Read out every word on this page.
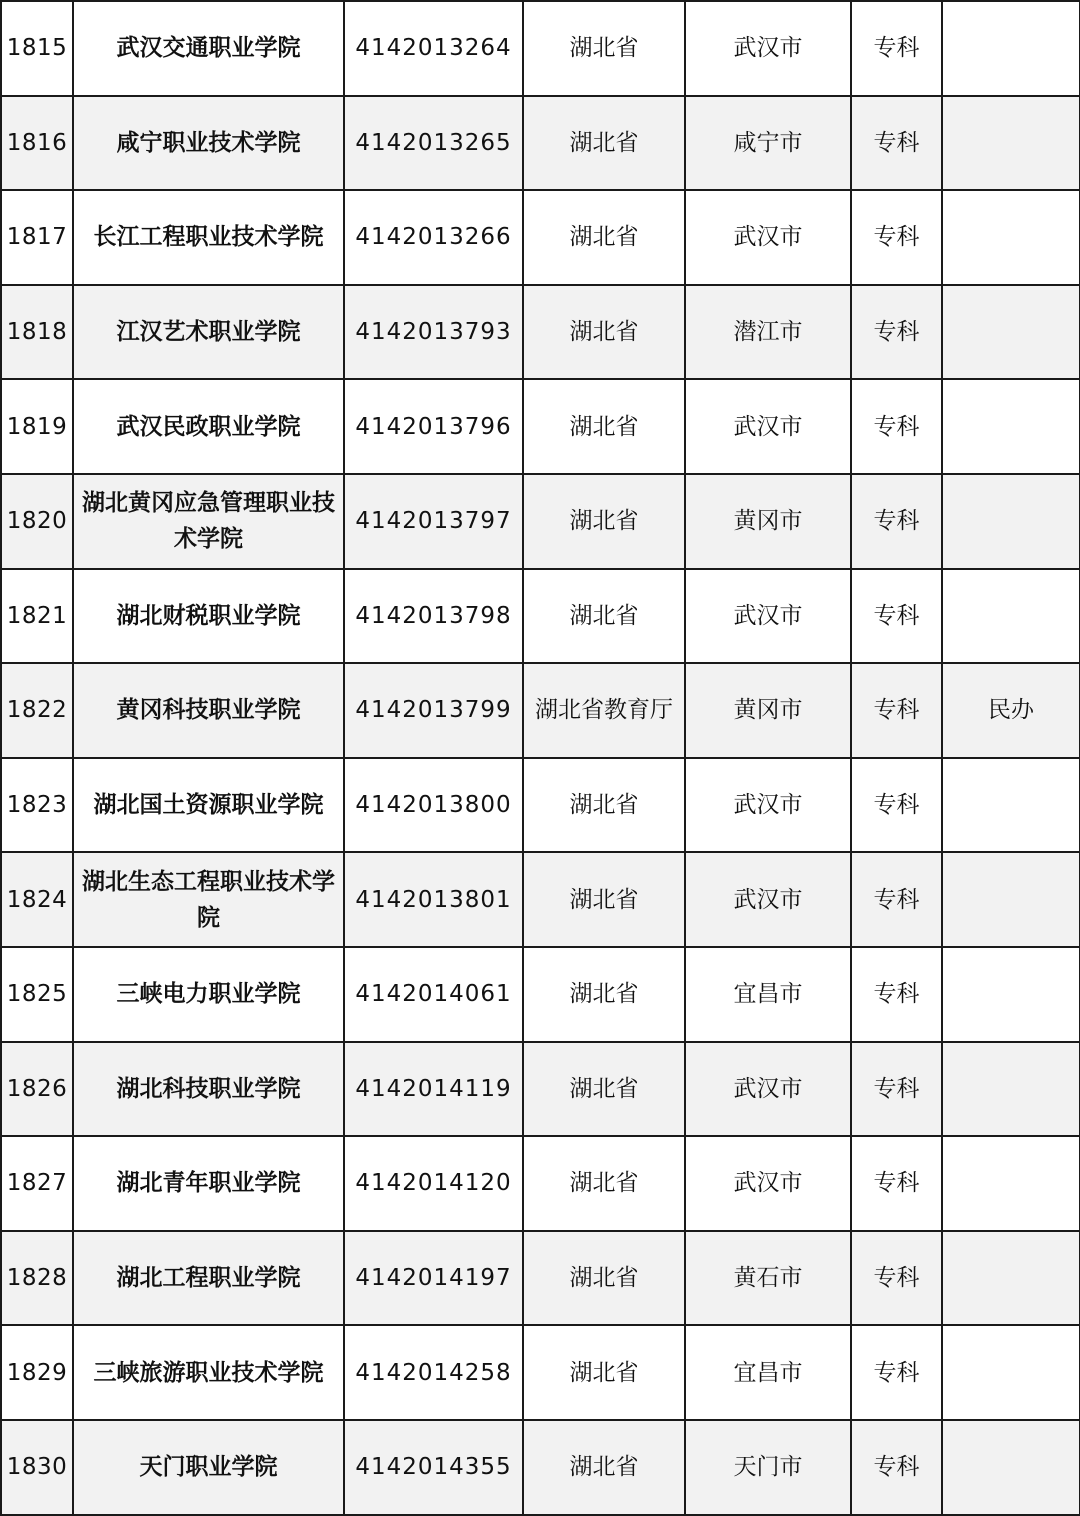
1815	武汉交通职业学院	4142013264	湖北省	武汉市	专科	
1816	咸宁职业技术学院	4142013265	湖北省	咸宁市	专科	
1817	长江工程职业技术学院	4142013266	湖北省	武汉市	专科	
1818	江汉艺术职业学院	4142013793	湖北省	潜江市	专科	
1819	武汉民政职业学院	4142013796	湖北省	武汉市	专科	
1820	湖北黄冈应急管理职业技术学院	4142013797	湖北省	黄冈市	专科	
1821	湖北财税职业学院	4142013798	湖北省	武汉市	专科	
1822	黄冈科技职业学院	4142013799	湖北省教育厅	黄冈市	专科	民办
1823	湖北国土资源职业学院	4142013800	湖北省	武汉市	专科	
1824	湖北生态工程职业技术学院	4142013801	湖北省	武汉市	专科	
1825	三峡电力职业学院	4142014061	湖北省	宜昌市	专科	
1826	湖北科技职业学院	4142014119	湖北省	武汉市	专科	
1827	湖北青年职业学院	4142014120	湖北省	武汉市	专科	
1828	湖北工程职业学院	4142014197	湖北省	黄石市	专科	
1829	三峡旅游职业技术学院	4142014258	湖北省	宜昌市	专科	
1830	天门职业学院	4142014355	湖北省	天门市	专科	
